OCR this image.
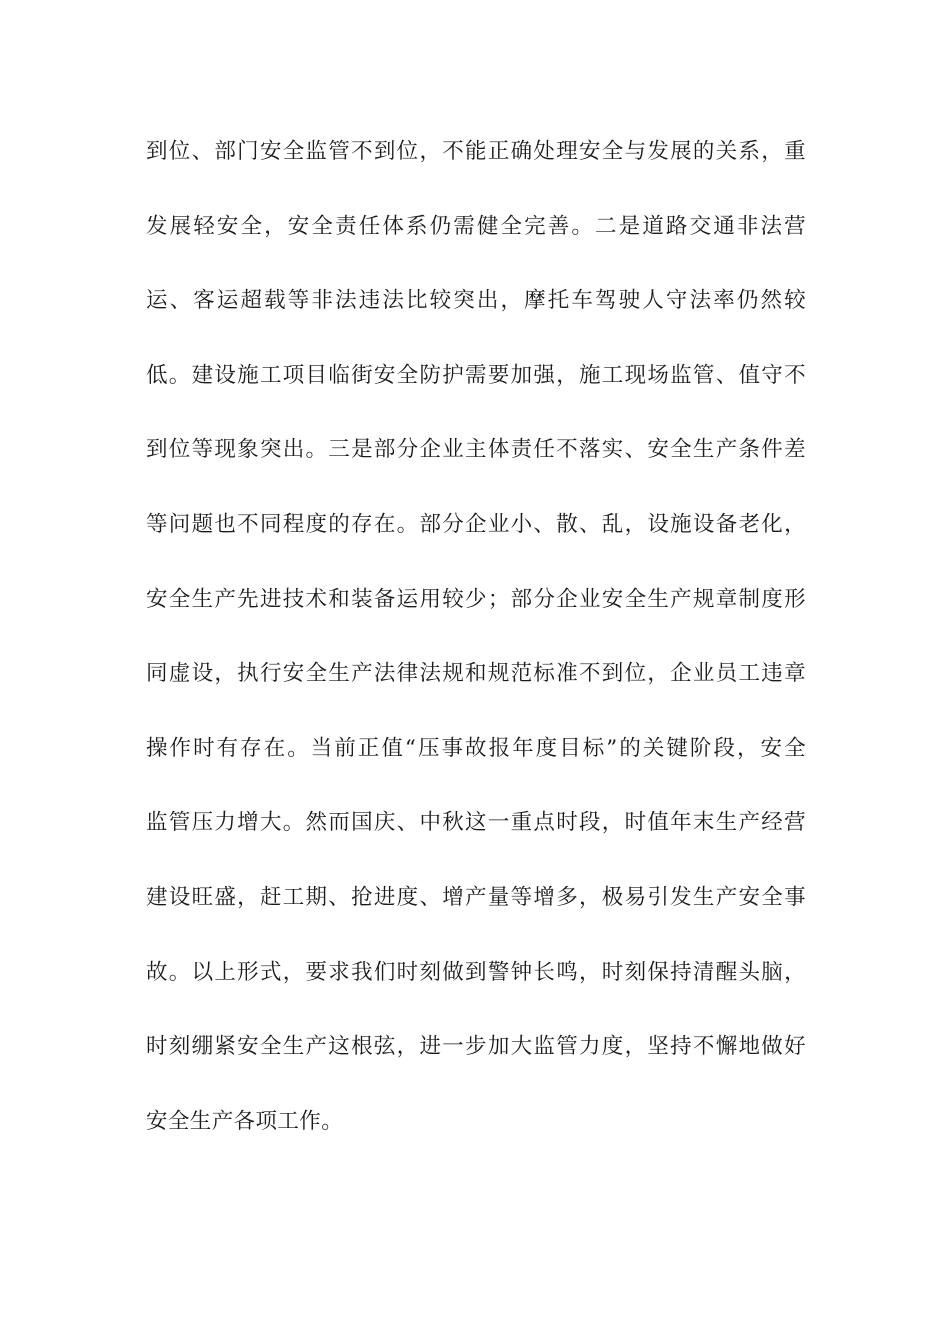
到位、部门安全监管不到位，不能正确处理安全与发展的关系，重
发展轻安全，安全责任体系仍需健全完善。二是道路交通非法营
运、客运超载等非法违法比较突出，摩托车驾驶人守法率仍然较
低。建设施工项目临街安全防护需要加强，施工现场监管、值守不
到位等现象突出。三是部分企业主体责任不落实、安全生产条件差
等问题也不同程度的存在。部分企业小、散、乱，设施设备老化，
安全生产先进技术和装备运用较少；部分企业安全生产规章制度形
同虚设，执行安全生产法律法规和规范标准不到位，企业员工违章
操作时有存在。当前正值“压事故报年度目标”的关键阶段，安全
监管压力增大。然而国庆、中秋这一重点时段，时值年末生产经营
建设旺盛，赶工期、抢进度、增产量等增多，极易引发生产安全事
故。以上形式，要求我们时刻做到警钟长鸣，时刻保持清醒头脑，
时刻绷紧安全生产这根弦，进一步加大监管力度，坚持不懈地做好
安全生产各项工作。
